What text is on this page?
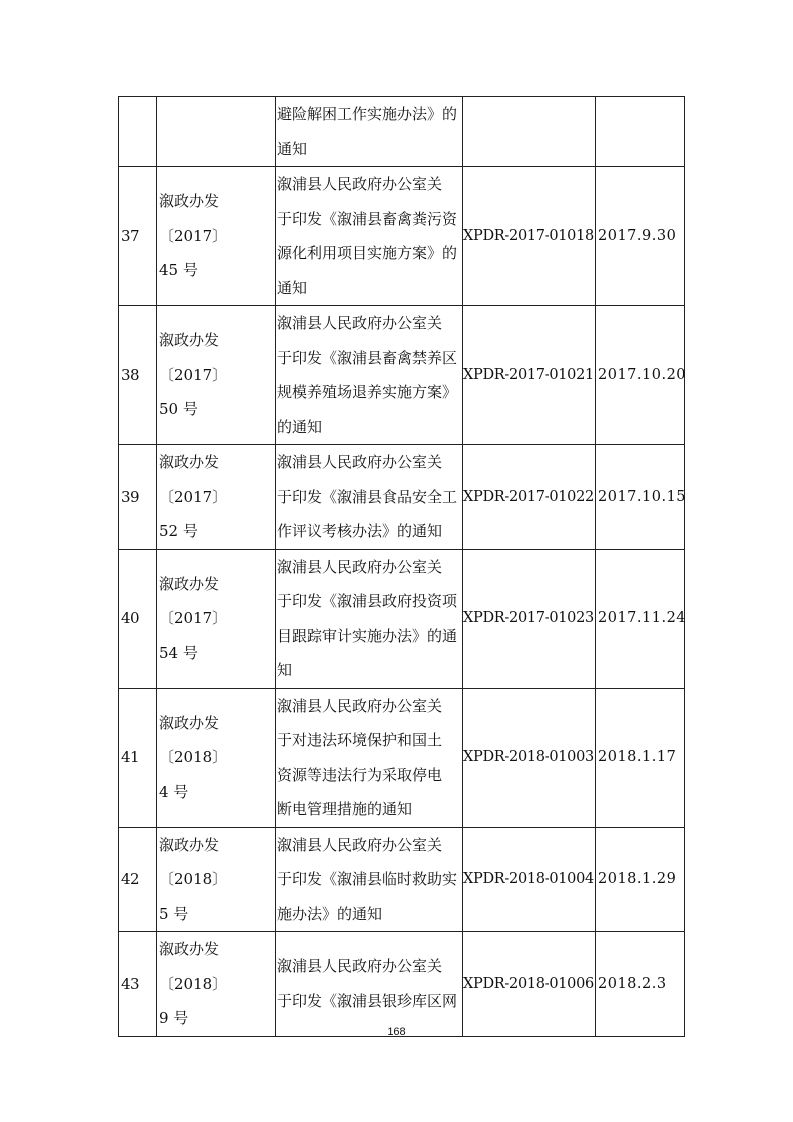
		避险解困工作实施办法》的
通知		
37	溆政办发〔2017〕
45 号	溆浦县人民政府办公室关
于印发《溆浦县畜禽粪污资
源化利用项目实施方案》的
通知	XPDR-2017-01018	2017.9.30
38	溆政办发〔2017〕
50 号	溆浦县人民政府办公室关
于印发《溆浦县畜禽禁养区
规模养殖场退养实施方案》
的通知	XPDR-2017-01021	2017.10.20
39	溆政办发〔2017〕
52 号	溆浦县人民政府办公室关
于印发《溆浦县食品安全工
作评议考核办法》的通知	XPDR-2017-01022	2017.10.15
40	溆政办发〔2017〕
54 号	溆浦县人民政府办公室关
于印发《溆浦县政府投资项
目跟踪审计实施办法》的通
知	XPDR-2017-01023	2017.11.24
41	溆政办发〔2018〕
4 号	溆浦县人民政府办公室关
于对违法环境保护和国土
资源等违法行为采取停电
断电管理措施的通知	XPDR-2018-01003	2018.1.17
42	溆政办发〔2018〕
5 号	溆浦县人民政府办公室关
于印发《溆浦县临时救助实
施办法》的通知	XPDR-2018-01004	2018.1.29
43	溆政办发〔2018〕
9 号	溆浦县人民政府办公室关
于印发《溆浦县银珍库区网	XPDR-2018-01006	2018.2.3
168
